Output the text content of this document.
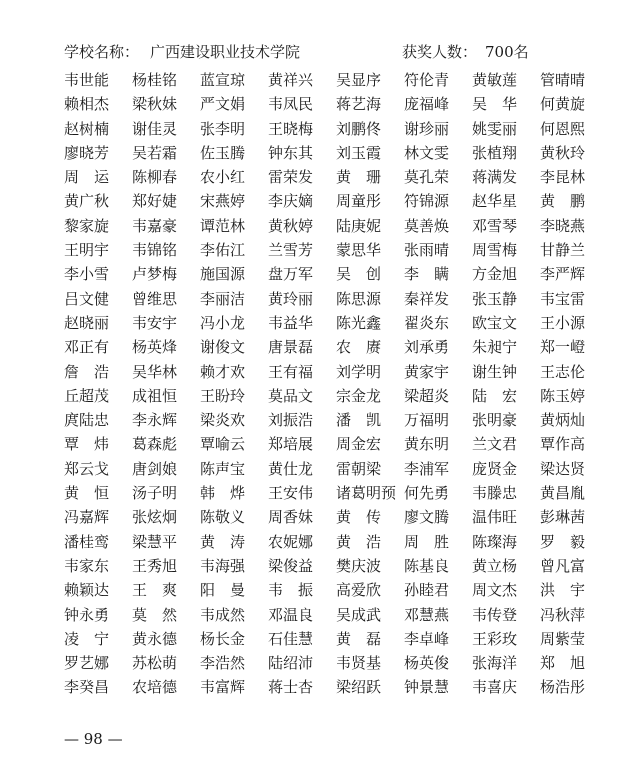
学校名称： 广西建设职业技术学院	获奖人数： 700名
韦世能	杨桂铭	蓝宣琼	黄祥兴	吴显序	符伦青	黄敏莲	管晴晴
赖相杰	梁秋妹	严文娟	韦凤民	蒋艺海	庞福峰	吴华 何黄旋
赵树楠	谢佳灵	张李明	王晓梅	刘鹏佟	谢珍丽	姚雯丽	何恩熙
廖晓芳	吴若霜	佐玉腾	钟东其	刘玉霞	林文雯	张植翔	黄秋玲
周运 陈柳春	农小红	雷荣发	黄珊 莫孔荣	蒋满发	李昆林
黄广秋	郑好婕	宋燕婷	李庆嫡	周童彤	符锦源	赵华星	黄鹏
黎家旋	韦嘉豪	谭范林	黄秋婷	陆庚妮	莫善焕	邓雪琴	李晓燕
王明宇	韦锦铭	李佑江	兰雪芳	蒙思华	张雨晴	周雪梅	甘静兰
李小雪	卢梦梅	施国源	盘万军	吴创 李瞒 方金旭	李严辉
吕文健	曾维思	李丽洁	黄玲丽	陈思源	秦祥发	张玉静	韦宝雷
赵晓丽	韦安宇	冯小龙	韦益华	陈光鑫	翟炎东	欧宝文	王小源
邓正有	杨英烽	谢俊文	唐景磊	农赓 刘承勇	朱昶宁	郑一嶝
詹浩 吴华林	赖才欢	王有福	刘学明	黄家宇	谢生钟	王志伦
丘超茂	成祖恒	王盼玲	莫品文	宗金龙	梁超炎	陆宏 陈玉婷
庹陆忠	李永辉	梁炎欢	刘振浩	潘凯 万福明	张明豪	黄炳灿
覃炜 葛森彪	覃喻云	郑培展	周金宏	黄东明	兰文君	覃作高
郑云戈	唐剑娘	陈声宝	黄仕龙	雷朝梁	李浦军	庞贤金	梁达贤
黄恒 汤子明	韩烨 王安伟	诸葛明预 何先勇	韦滕忠	黄昌胤
冯嘉辉	张炫炯	陈敬义	周香妹	黄传 廖文腾	温伟旺	彭琳茜
潘桂鸾	梁慧平	黄涛 农妮娜	黄浩 周胜 陈璨海	罗毅
韦家东	王秀旭	韦海强	梁俊益	樊庆波	陈基良	黄立杨	曾凡富
赖颖达	王爽 阳曼 韦振 高爱欣	孙睦君	周文杰	洪宇
钟永勇	莫然 韦成然	邓温良	吴成武	邓慧燕	韦传登	冯秋萍
凌宁 黄永德	杨长金	石佳慧	黄磊 李卓峰	王彩玫	周紫莹
罗艺娜	苏松萌	李浩然	陆绍沛	韦贤基	杨英俊	张海洋	郑旭
李癸昌	农培德	韦富辉	蒋士杏	梁绍跃	钟景慧	韦喜庆	杨浩彤
— 98 —
